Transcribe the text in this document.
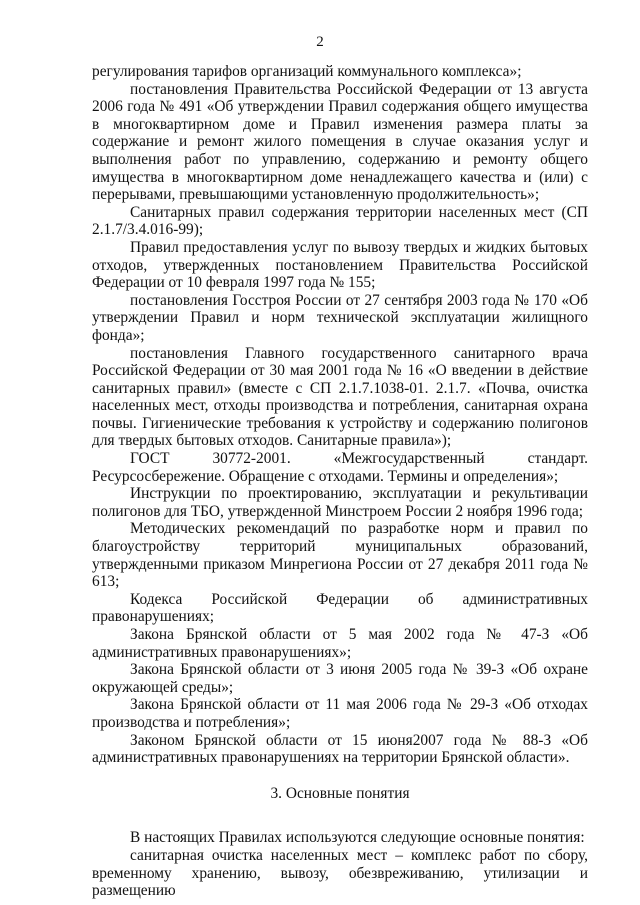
2

регулирования тарифов организаций коммунального комплекса»;

постановления Правительства Российской Федерации от 13 августа 2006 года № 491 «Об утверждении Правил содержания общего имущества в многоквартирном доме и Правил изменения размера платы за содержание и ремонт жилого помещения в случае оказания услуг и выполнения работ по управлению, содержанию и ремонту общего имущества в многоквартирном доме ненадлежащего качества и (или) с перерывами, превышающими установленную продолжительность»;

Санитарных правил содержания территории населенных мест (СП 2.1.7/3.4.016-99);

Правил предоставления услуг по вывозу твердых и жидких бытовых отходов, утвержденных постановлением Правительства Российской Федерации от 10 февраля 1997 года № 155;

постановления Госстроя России от 27 сентября 2003 года № 170 «Об утверждении Правил и норм технической эксплуатации жилищного фонда»;

постановления Главного государственного санитарного врача Российской Федерации от 30 мая 2001 года № 16 «О введении в действие санитарных правил» (вместе с СП 2.1.7.1038-01. 2.1.7. «Почва, очистка населенных мест, отходы производства и потребления, санитарная охрана почвы. Гигиенические требования к устройству и содержанию полигонов для твердых бытовых отходов. Санитарные правила»);

ГОСТ 30772-2001. «Межгосударственный стандарт. Ресурсосбережение. Обращение с отходами. Термины и определения»;

Инструкции по проектированию, эксплуатации и рекультивации полигонов для ТБО, утвержденной Минстроем России 2 ноября 1996 года;

Методических рекомендаций по разработке норм и правил по благоустройству территорий муниципальных образований, утвержденными приказом Минрегиона России от 27 декабря 2011 года № 613;

Кодекса Российской Федерации об административных правонарушениях;

Закона Брянской области от 5 мая 2002 года № 47-З «Об административных правонарушениях»;

Закона Брянской области от 3 июня 2005 года № 39-З «Об охране окружающей среды»;

Закона Брянской области от 11 мая 2006 года № 29-З «Об отходах производства и потребления»;

Законом Брянской области от 15 июня2007 года № 88-З «Об административных правонарушениях на территории Брянской области».

3. Основные понятия

В настоящих Правилах используются следующие основные понятия:

санитарная очистка населенных мест – комплекс работ по сбору, временному хранению, вывозу, обезвреживанию, утилизации и размещению
